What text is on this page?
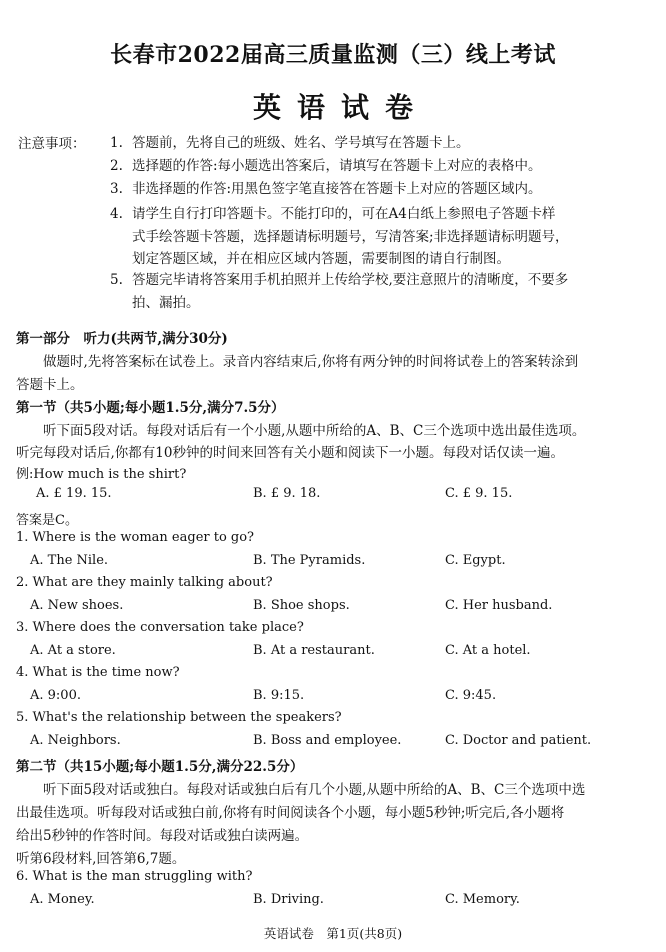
长春市2022届高三质量监测（三）线上考试
英语试卷
注意事项： 1. 答题前，先将自己的班级、姓名、学号填写在答题卡上。
2. 选择题的作答:每小题选出答案后，请填写在答题卡上对应的表格中。
3. 非选择题的作答:用黑色签字笔直接答在答题卡上对应的答题区域内。
4. 请学生自行打印答题卡。不能打印的，可在A4白纸上参照电子答题卡样
式手绘答题卡答题，选择题请标明题号，写清答案;非选择题请标明题号，
划定答题区域，并在相应区域内答题，需要制图的请自行制图。
5. 答题完毕请将答案用手机拍照并上传给学校,要注意照片的清晰度，不要多
拍、漏拍。
第一部分　听力(共两节,满分30分)
做题时,先将答案标在试卷上。录音内容结束后,你将有两分钟的时间将试卷上的答案转涂到
答题卡上。
第一节（共5小题;每小题1.5分,满分7.5分）
听下面5段对话。每段对话后有一个小题,从题中所给的A、B、C三个选项中选出最佳选项。
听完每段对话后,你都有10秒钟的时间来回答有关小题和阅读下一小题。每段对话仅读一遍。
例:How much is the shirt?
A. £ 19. 15.	B. £ 9. 18.	C. £ 9. 15.
答案是C。
1. Where is the woman eager to go?
A. The Nile.	B. The Pyramids.	C. Egypt.
2. What are they mainly talking about?
A. New shoes.	B. Shoe shops.	C. Her husband.
3. Where does the conversation take place?
A. At a store.	B. At a restaurant.	C. At a hotel.
4. What is the time now?
A. 9:00.	B. 9:15.	C. 9:45.
5. What's the relationship between the speakers?
A. Neighbors.	B. Boss and employee.	C. Doctor and patient.
第二节（共15小题;每小题1.5分,满分22.5分）
听下面5段对话或独白。每段对话或独白后有几个小题,从题中所给的A、B、C三个选项中选
出最佳选项。听每段对话或独白前,你将有时间阅读各个小题，每小题5秒钟;听完后,各小题将
给出5秒钟的作答时间。每段对话或独白读两遍。
听第6段材料,回答第6,7题。
6. What is the man struggling with?
A. Money.	B. Driving.	C. Memory.
英语试卷　第1页(共8页)
